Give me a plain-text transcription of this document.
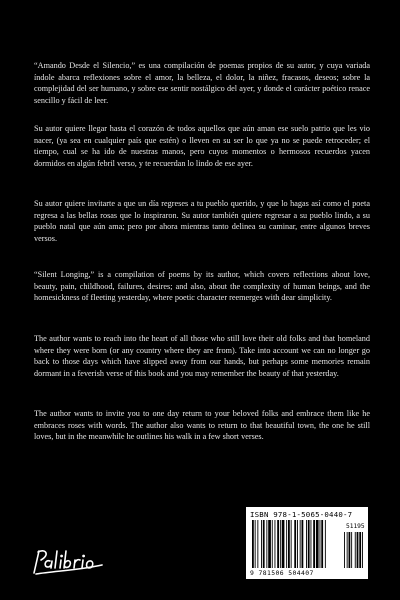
“Amando Desde el Silencio,” es una compilación de poemas propios de su autor, y cuya variada índole abarca reflexiones sobre el amor, la belleza, el dolor, la niñez, fracasos, deseos; sobre la complejidad del ser humano, y sobre ese sentir nostálgico del ayer, y donde el carácter poético renace sencillo y fácil de leer.

Su autor quiere llegar hasta el corazón de todos aquellos que aún aman ese suelo patrio que les vio nacer, (ya sea en cualquier país que estén) o lleven en su ser lo que ya no se puede retroceder; el tiempo, cual se ha ido de nuestras manos, pero cuyos momentos o hermosos recuerdos yacen dormidos en algún febril verso, y te recuerdan lo lindo de ese ayer.

Su autor quiere invitarte a que un día regreses a tu pueblo querido, y que lo hagas así como el poeta regresa a las bellas rosas que lo inspiraron. Su autor también quiere regresar a su pueblo lindo, a su pueblo natal que aún ama; pero por ahora mientras tanto delinea su caminar, entre algunos breves versos.

“Silent Longing,” is a compilation of poems by its author, which covers reflections about love, beauty, pain, childhood, failures, desires; and also, about the complexity of human beings, and the homesickness of fleeting yesterday, where poetic character reemerges with dear simplicity.

The author wants to reach into the heart of all those who still love their old folks and that homeland where they were born (or any country where they are from). Take into account we can no longer go back to those days which have slipped away from our hands, but perhaps some memories remain dormant in a feverish verse of this book and you may remember the beauty of that yesterday.

The author wants to invite you to one day return to your beloved folks and embrace them like he embraces roses with words. The author also wants to return to that beautiful town, the one he still loves, but in the meanwhile he outlines his walk in a few short verses.

ISBN 978-1-5065-0440-7
51195
9 781506 504407
